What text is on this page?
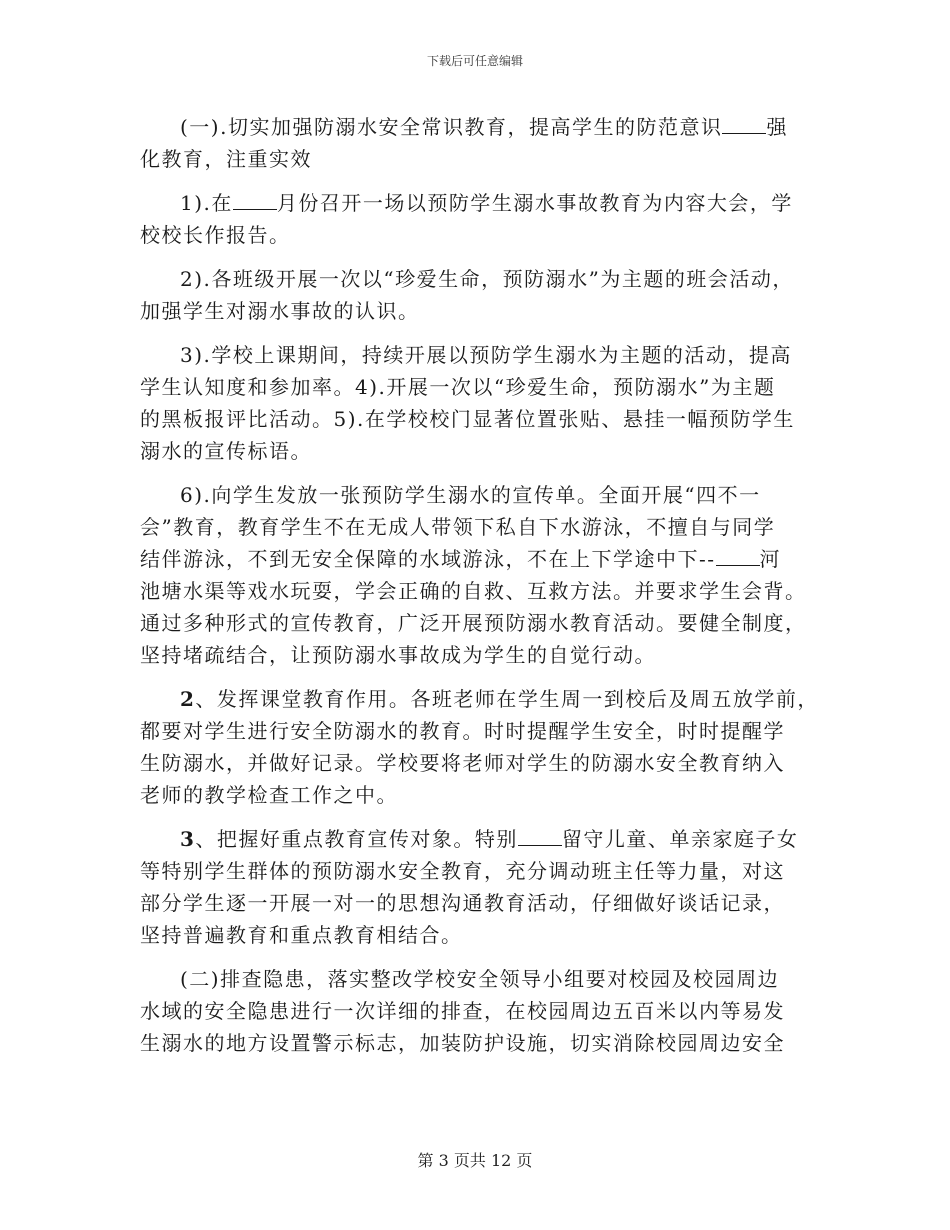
下载后可任意编辑
(一).切实加强防溺水安全常识教育，提高学生的防范意识 强
化教育，注重实效
1).在 月份召开一场以预防学生溺水事故教育为内容大会，学
校校长作报告。
2).各班级开展一次以“珍爱生命，预防溺水”为主题的班会活动，
加强学生对溺水事故的认识。
3).学校上课期间，持续开展以预防学生溺水为主题的活动，提高
学生认知度和参加率。4).开展一次以“珍爱生命，预防溺水”为主题
的黑板报评比活动。5).在学校校门显著位置张贴、悬挂一幅预防学生
溺水的宣传标语。
6).向学生发放一张预防学生溺水的宣传单。全面开展“四不一
会”教育，教育学生不在无成人带领下私自下水游泳，不擅自与同学
结伴游泳，不到无安全保障的水域游泳，不在上下学途中下-- 河
池塘水渠等戏水玩耍，学会正确的自救、互救方法。并要求学生会背。
通过多种形式的宣传教育，广泛开展预防溺水教育活动。要健全制度，
坚持堵疏结合，让预防溺水事故成为学生的自觉行动。
2、发挥课堂教育作用。各班老师在学生周一到校后及周五放学前，
都要对学生进行安全防溺水的教育。时时提醒学生安全，时时提醒学
生防溺水，并做好记录。学校要将老师对学生的防溺水安全教育纳入
老师的教学检查工作之中。
3、把握好重点教育宣传对象。特别 留守儿童、单亲家庭子女
等特别学生群体的预防溺水安全教育，充分调动班主任等力量，对这
部分学生逐一开展一对一的思想沟通教育活动，仔细做好谈话记录，
坚持普遍教育和重点教育相结合。
(二)排查隐患，落实整改学校安全领导小组要对校园及校园周边
水域的安全隐患进行一次详细的排查，在校园周边五百米以内等易发
生溺水的地方设置警示标志，加装防护设施，切实消除校园周边安全
第 3 页共 12 页
